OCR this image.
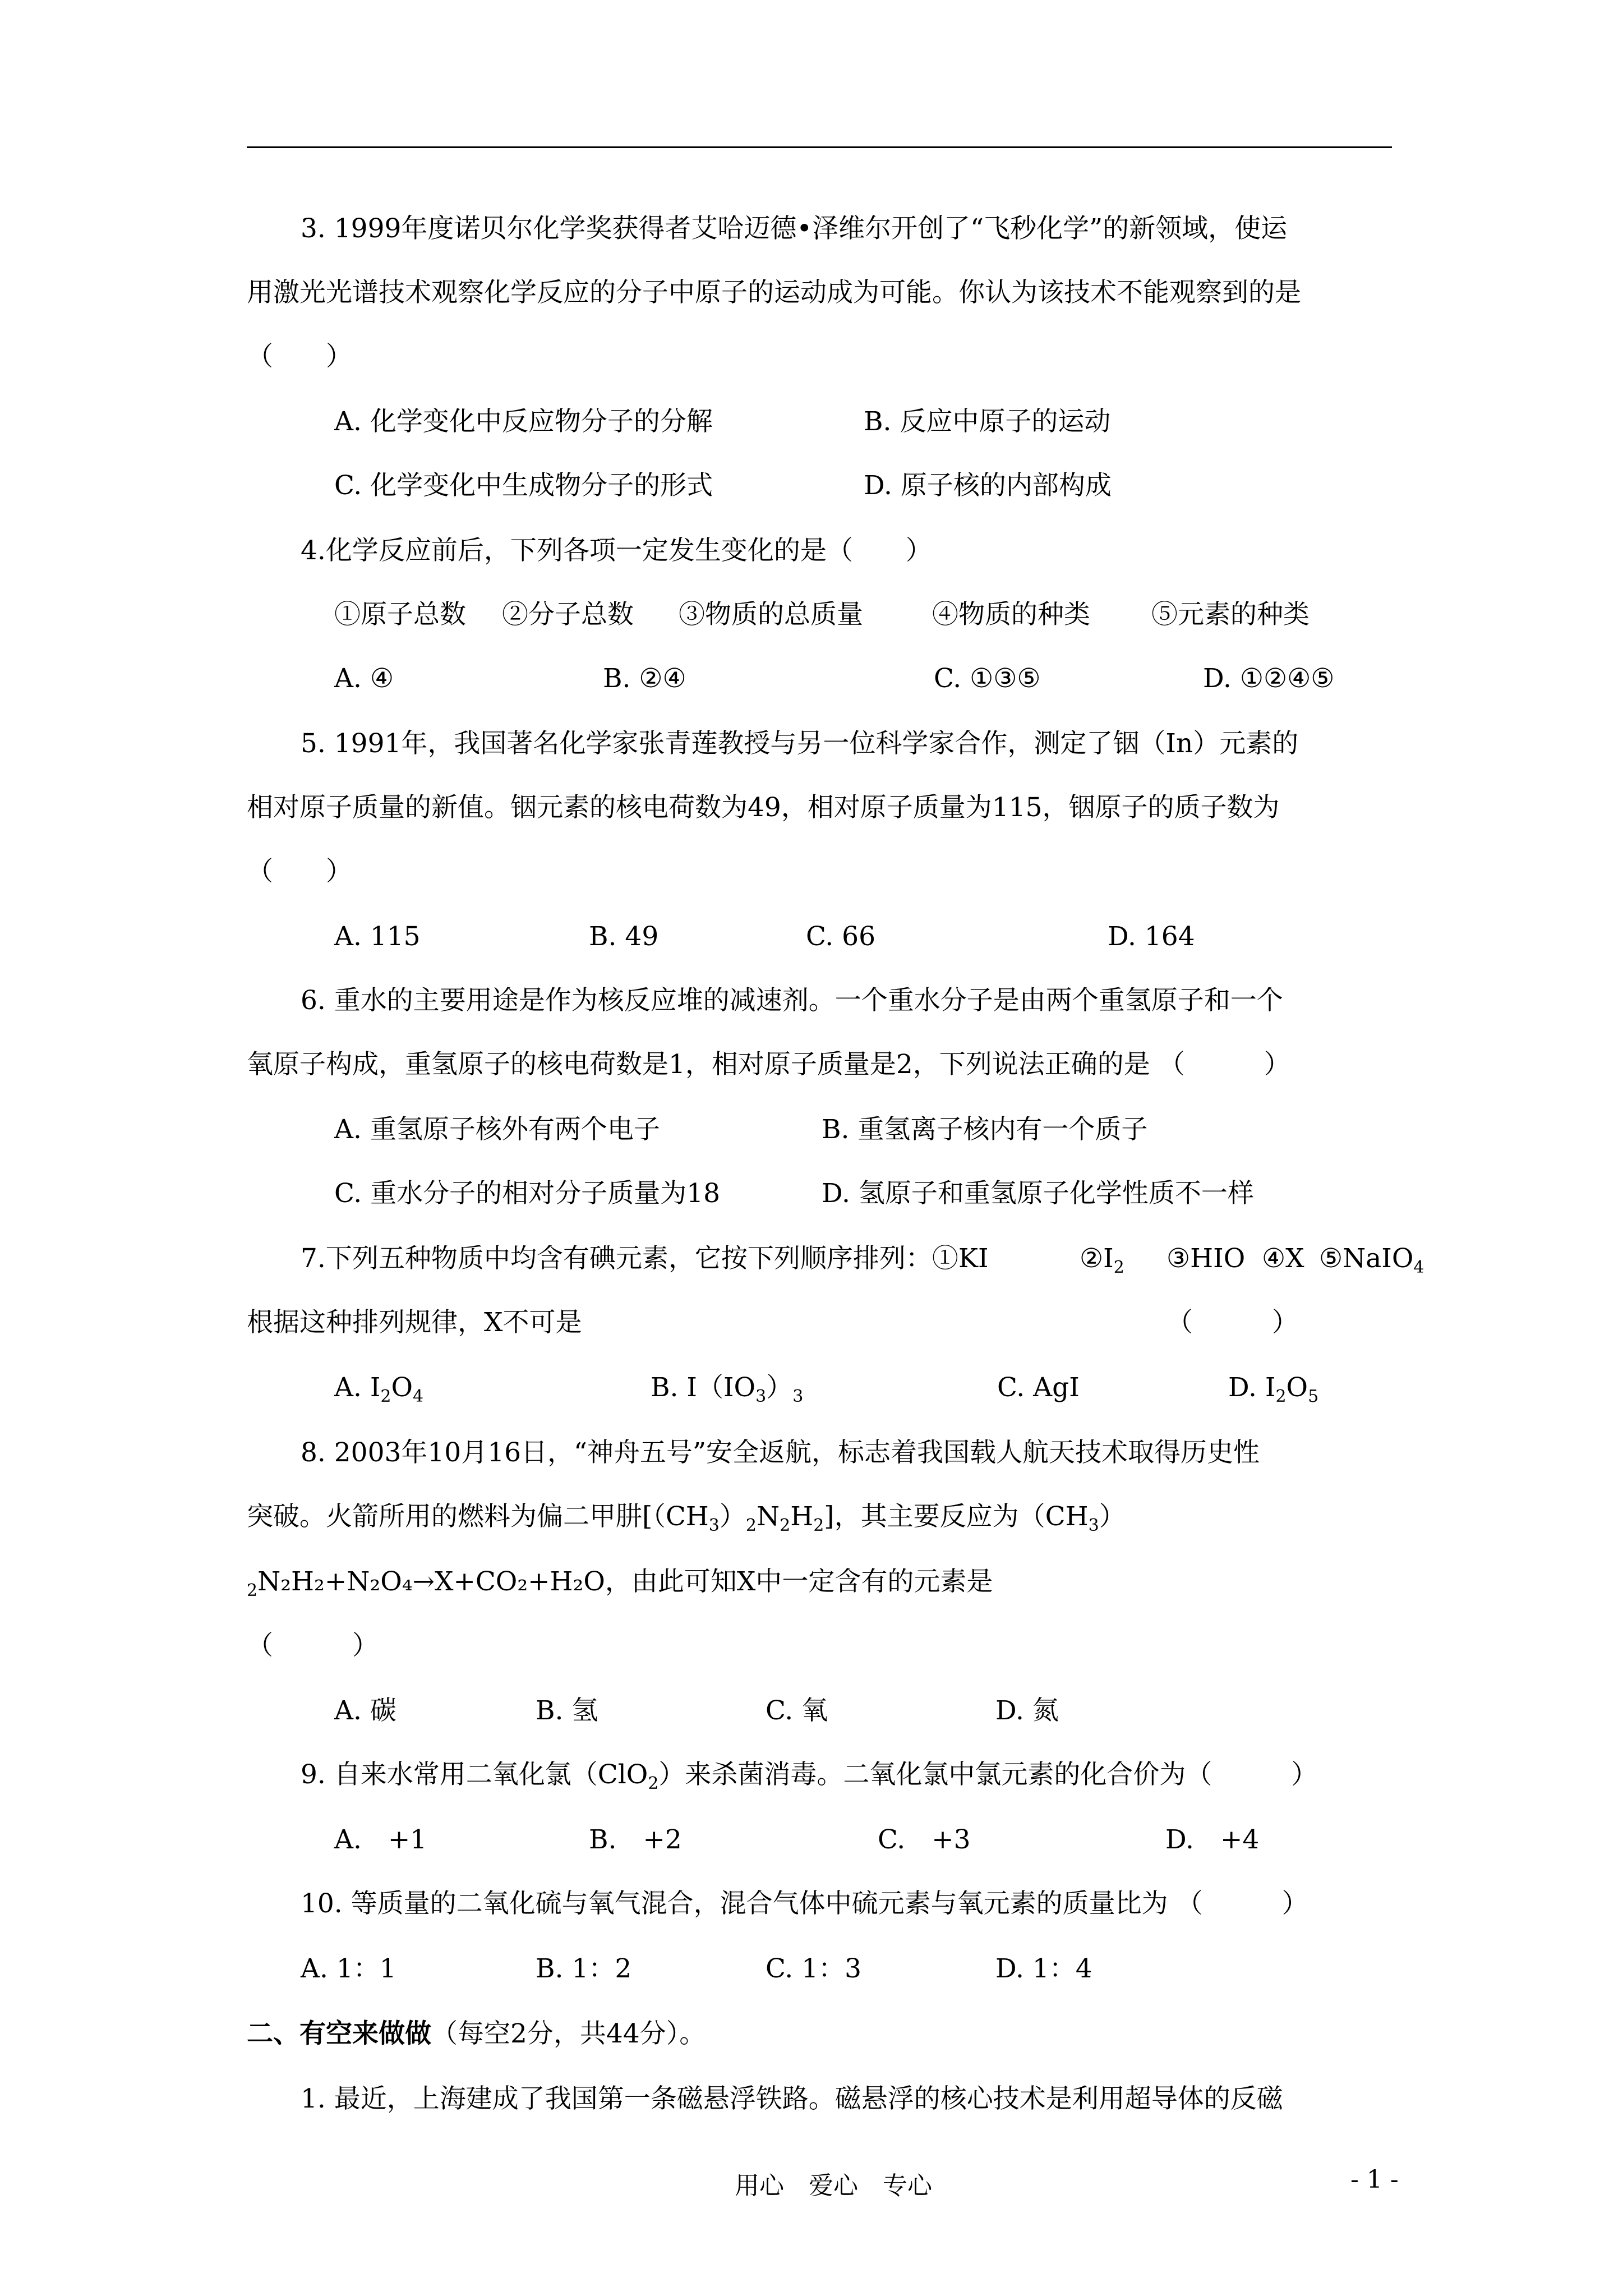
3. 1999年度诺贝尔化学奖获得者艾哈迈德•泽维尔开创了“飞秒化学”的新领域，使运
用激光光谱技术观察化学反应的分子中原子的运动成为可能。你认为该技术不能观察到的是
（　　）
A. 化学变化中反应物分子的分解	B. 反应中原子的运动
C. 化学变化中生成物分子的形式	D. 原子核的内部构成
4.化学反应前后，下列各项一定发生变化的是（　　）
①原子总数 ②分子总数 ③物质的总质量	④物质的种类 ⑤元素的种类
A. ④	B. ②④	C. ①③⑤	D. ①②④⑤
5. 1991年，我国著名化学家张青莲教授与另一位科学家合作，测定了铟（In）元素的
相对原子质量的新值。铟元素的核电荷数为49，相对原子质量为115，铟原子的质子数为
（　　）
A. 115	B. 49	C. 66	D. 164
6. 重水的主要用途是作为核反应堆的减速剂。一个重水分子是由两个重氢原子和一个
氧原子构成，重氢原子的核电荷数是1，相对原子质量是2，下列说法正确的是 （　　　）
A. 重氢原子核外有两个电子	B. 重氢离子核内有一个质子
C. 重水分子的相对分子质量为18	D. 氢原子和重氢原子化学性质不一样
7.下列五种物质中均含有碘元素，它按下列顺序排列：①KI	$②I_2$ ③HIO ④X ⑤NaIO$_4$
根据这种排列规律，X不可是	（　　　）
A. $I_2O_4$	B. $I(IO_3)_3$	C. AgI	D. $I_2O_5$
8. 2003年10月16日，“神舟五号”安全返航，标志着我国载人航天技术取得历史性
突破。火箭所用的燃料为偏二甲肼$[(CH_3)_2N_2H_2]$，其主要反应为$(CH_3)$
$_2$N₂H₂+N₂O₄→X+CO₂+H₂O，由此可知X中一定含有的元素是
（　　　）
A. 碳	B. 氢	C. 氧	D. 氮
9. 自来水常用二氧化氯（ClO$_2$）来杀菌消毒。二氧化氯中氯元素的化合价为（　　　）
A.　+1	B.　+2	C.　+3	D.　+4
10. 等质量的二氧化硫与氧气混合，混合气体中硫元素与氧元素的质量比为 （　　　）
A. 1：1	B. 1：2	C. 1：3	D. 1：4
二、有空来做做（每空2分，共44分）。
1. 最近，上海建成了我国第一条磁悬浮铁路。磁悬浮的核心技术是利用超导体的反磁
用心　爱心　专心	- 1 -
